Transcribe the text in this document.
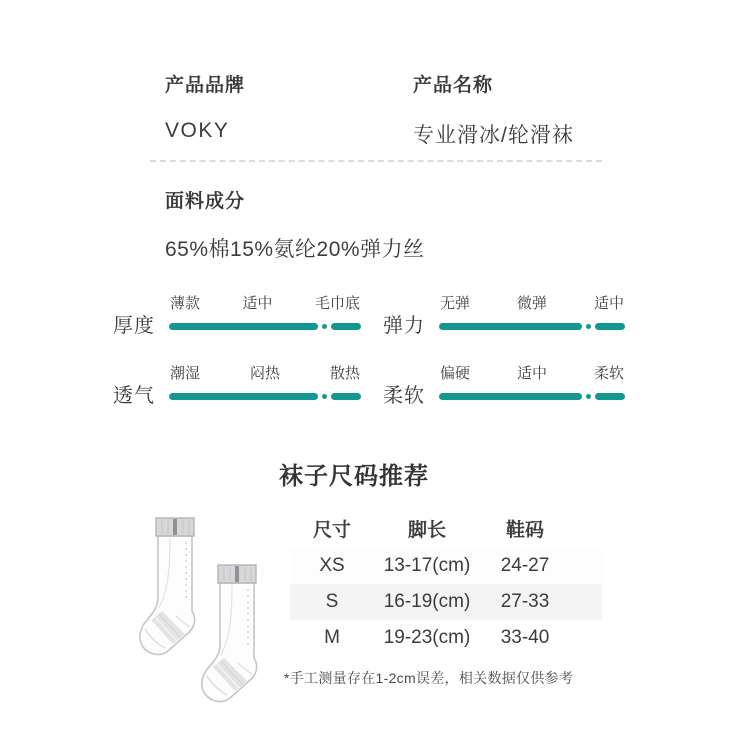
产品品牌
VOKY
产品名称
专业滑冰/轮滑袜
面料成分
65%棉15%氨纶20%弹力丝
厚度
薄款	适中	毛巾底
弹力
无弹	微弹	适中
透气
潮湿	闷热	散热
柔软
偏硬	适中	柔软
袜子尺码推荐
尺寸	脚长	鞋码
XS	13-17(cm)	24-27
S	16-19(cm)	27-33
M	19-23(cm)	33-40
*手工测量存在1-2cm误差，相关数据仅供参考
